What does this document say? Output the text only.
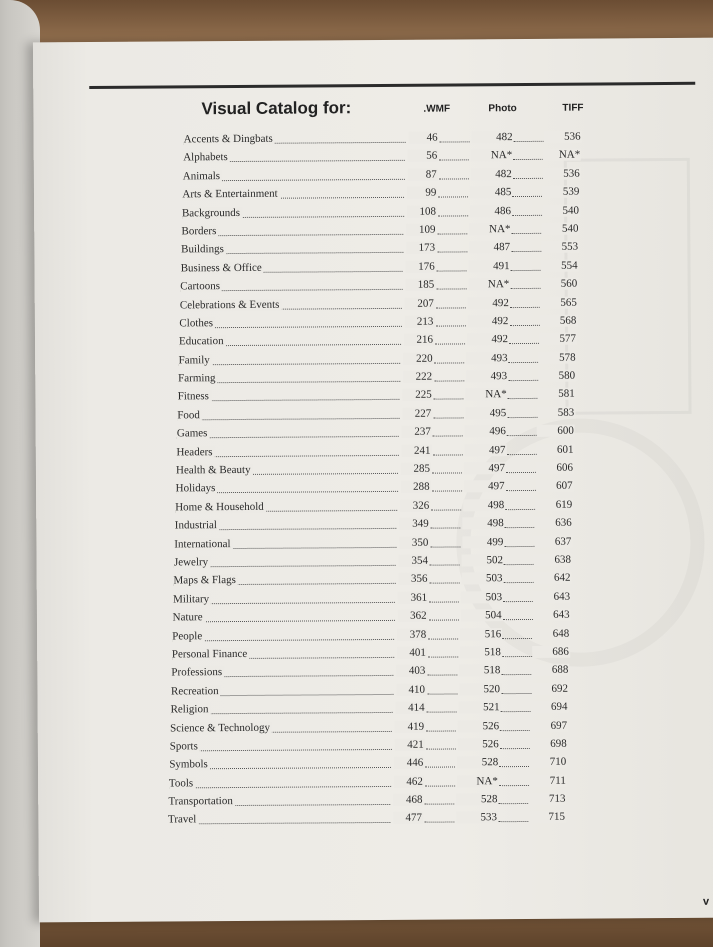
Visual Catalog for:	.WMF	Photo	TIFF
Accents & Dingbats	46	482	536
Alphabets	56	NA*	NA*
Animals	87	482	536
Arts & Entertainment	99	485	539
Backgrounds	108	486	540
Borders	109	NA*	540
Buildings	173	487	553
Business & Office	176	491	554
Cartoons	185	NA*	560
Celebrations & Events	207	492	565
Clothes	213	492	568
Education	216	492	577
Family	220	493	578
Farming	222	493	580
Fitness	225	NA*	581
Food	227	495	583
Games	237	496	600
Headers	241	497	601
Health & Beauty	285	497	606
Holidays	288	497	607
Home & Household	326	498	619
Industrial	349	498	636
International	350	499	637
Jewelry	354	502	638
Maps & Flags	356	503	642
Military	361	503	643
Nature	362	504	643
People	378	516	648
Personal Finance	401	518	686
Professions	403	518	688
Recreation	410	520	692
Religion	414	521	694
Science & Technology	419	526	697
Sports	421	526	698
Symbols	446	528	710
Tools	462	NA*	711
Transportation	468	528	713
Travel	477	533	715
v
